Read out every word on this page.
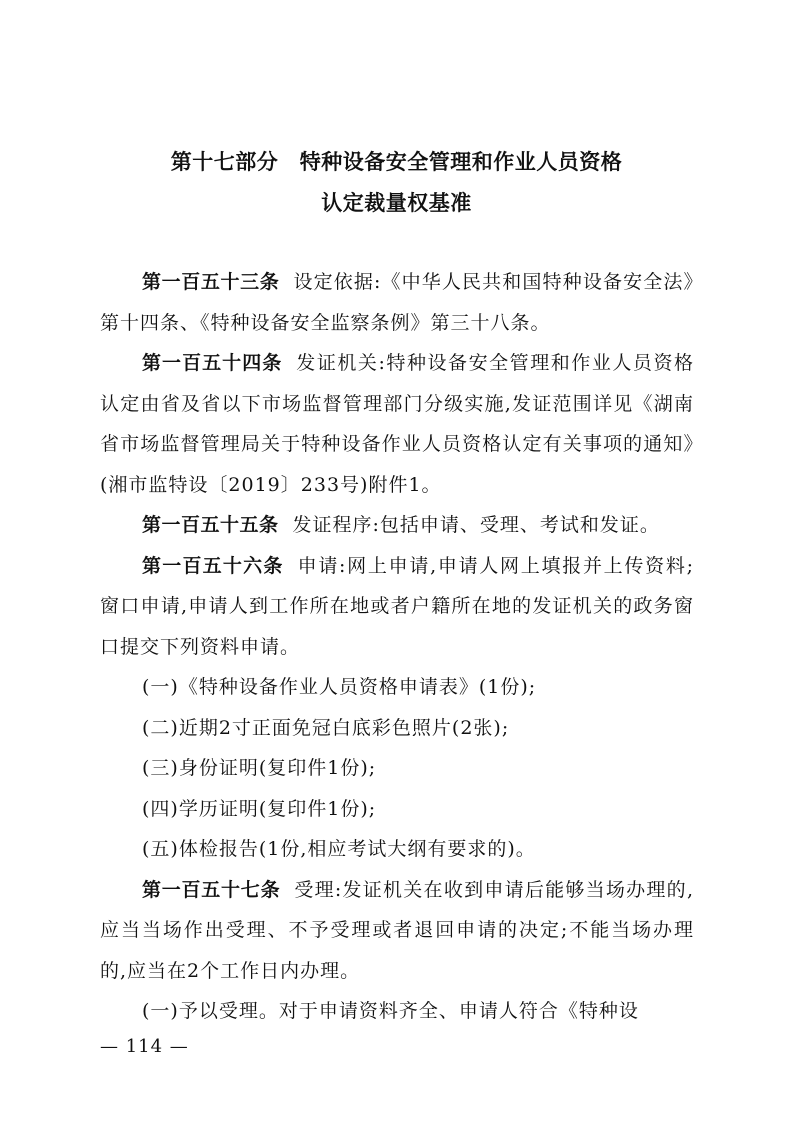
第十七部分　特种设备安全管理和作业人员资格
认定裁量权基准

第一百五十三条 设定依据:《中华人民共和国特种设备安全法》第十四条、《特种设备安全监察条例》第三十八条。

第一百五十四条 发证机关:特种设备安全管理和作业人员资格认定由省及省以下市场监督管理部门分级实施,发证范围详见《湖南省市场监督管理局关于特种设备作业人员资格认定有关事项的通知》(湘市监特设〔2019〕233号)附件1。

第一百五十五条 发证程序:包括申请、受理、考试和发证。

第一百五十六条 申请:网上申请,申请人网上填报并上传资料;窗口申请,申请人到工作所在地或者户籍所在地的发证机关的政务窗口提交下列资料申请。

(一)《特种设备作业人员资格申请表》(1份);

(二)近期2寸正面免冠白底彩色照片(2张);

(三)身份证明(复印件1份);

(四)学历证明(复印件1份);

(五)体检报告(1份,相应考试大纲有要求的)。

第一百五十七条 受理:发证机关在收到申请后能够当场办理的,应当当场作出受理、不予受理或者退回申请的决定;不能当场办理的,应当在2个工作日内办理。

(一)予以受理。对于申请资料齐全、申请人符合《特种设

— 114 —
